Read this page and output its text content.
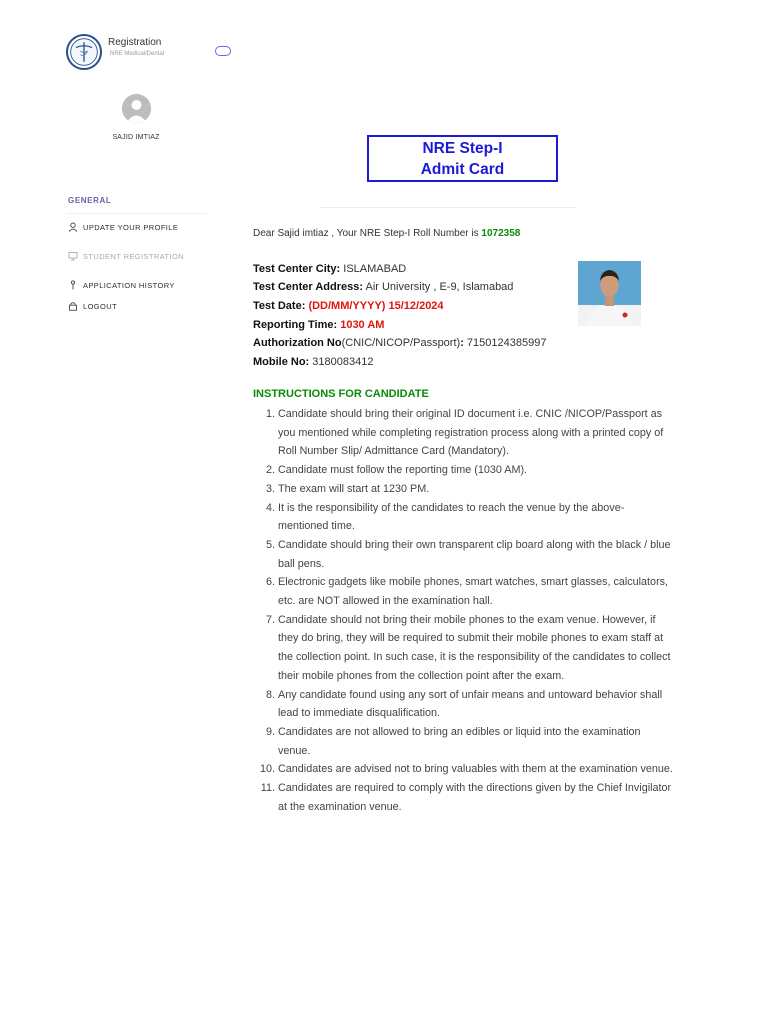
Registration
NRE Medical/Dental
SAJID IMTIAZ
GENERAL
UPDATE YOUR PROFILE
STUDENT REGISTRATION
APPLICATION HISTORY
LOGOUT
NRE Step-I Admit Card
Dear Sajid imtiaz , Your NRE Step-I Roll Number is 1072358
Test Center City: ISLAMABAD
Test Center Address: Air University , E-9, Islamabad
Test Date: (DD/MM/YYYY) 15/12/2024
Reporting Time: 1030 AM
Authorization No(CNIC/NICOP/Passport): 7150124385997
Mobile No: 3180083412
INSTRUCTIONS FOR CANDIDATE
1. Candidate should bring their original ID document i.e. CNIC /NICOP/Passport as you mentioned while completing registration process along with a printed copy of Roll Number Slip/ Admittance Card (Mandatory).
2. Candidate must follow the reporting time (1030 AM).
3. The exam will start at 1230 PM.
4. It is the responsibility of the candidates to reach the venue by the above-mentioned time.
5. Candidate should bring their own transparent clip board along with the black / blue ball pens.
6. Electronic gadgets like mobile phones, smart watches, smart glasses, calculators, etc. are NOT allowed in the examination hall.
7. Candidate should not bring their mobile phones to the exam venue. However, if they do bring, they will be required to submit their mobile phones to exam staff at the collection point. In such case, it is the responsibility of the candidates to collect their mobile phones from the collection point after the exam.
8. Any candidate found using any sort of unfair means and untoward behavior shall lead to immediate disqualification.
9. Candidates are not allowed to bring an edibles or liquid into the examination venue.
10. Candidates are advised not to bring valuables with them at the examination venue.
11. Candidates are required to comply with the directions given by the Chief Invigilator at the examination venue.
